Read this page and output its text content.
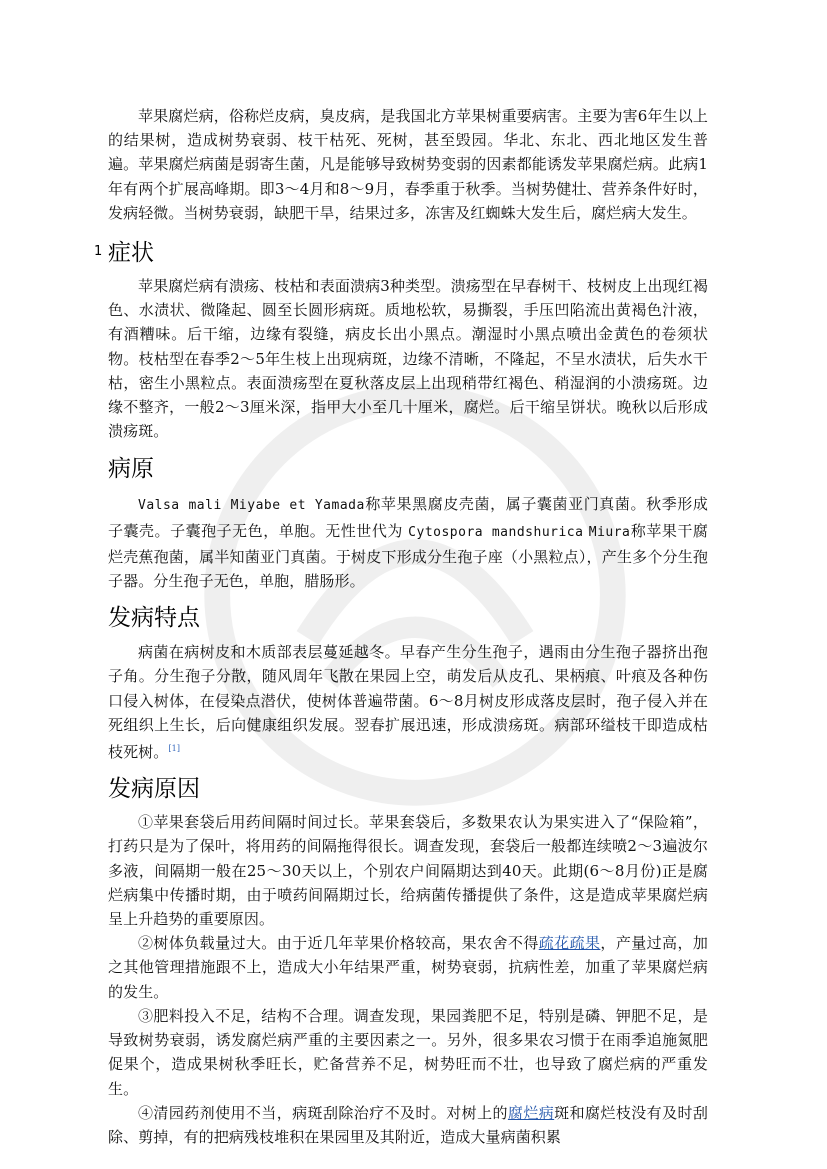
苹果腐烂病，俗称烂皮病，臭皮病，是我国北方苹果树重要病害。主要为害6年生以上的结果树，造成树势衰弱、枝干枯死、死树，甚至毁园。华北、东北、西北地区发生普遍。苹果腐烂病菌是弱寄生菌，凡是能够导致树势变弱的因素都能诱发苹果腐烂病。此病1年有两个扩展高峰期。即3～4月和8～9月，春季重于秋季。当树势健壮、营养条件好时，发病轻微。当树势衰弱，缺肥干旱，结果过多，冻害及红蜘蛛大发生后，腐烂病大发生。

1 症状

苹果腐烂病有溃疡、枝枯和表面溃病3种类型。溃疡型在早春树干、枝树皮上出现红褐色、水渍状、微隆起、圆至长圆形病斑。质地松软，易撕裂，手压凹陷流出黄褐色汁液，有酒糟味。后干缩，边缘有裂缝，病皮长出小黑点。潮湿时小黑点喷出金黄色的卷须状物。枝枯型在春季2～5年生枝上出现病斑，边缘不清晰，不隆起，不呈水渍状，后失水干枯，密生小黑粒点。表面溃疡型在夏秋落皮层上出现稍带红褐色、稍湿润的小溃疡斑。边缘不整齐，一般2～3厘米深，指甲大小至几十厘米，腐烂。后干缩呈饼状。晚秋以后形成溃疡斑。

病原

Valsa mali Miyabe et Yamada称苹果黑腐皮壳菌，属子囊菌亚门真菌。秋季形成子囊壳。子囊孢子无色，单胞。无性世代为 Cytospora mandshurica Miura称苹果干腐烂壳蕉孢菌，属半知菌亚门真菌。于树皮下形成分生孢子座（小黑粒点），产生多个分生孢子器。分生孢子无色，单胞，腊肠形。

发病特点

病菌在病树皮和木质部表层蔓延越冬。早春产生分生孢子，遇雨由分生孢子器挤出孢子角。分生孢子分散，随风周年飞散在果园上空，萌发后从皮孔、果柄痕、叶痕及各种伤口侵入树体，在侵染点潜伏，使树体普遍带菌。6～8月树皮形成落皮层时，孢子侵入并在死组织上生长，后向健康组织发展。翌春扩展迅速，形成溃疡斑。病部环缢枝干即造成枯枝死树。[1]

发病原因

①苹果套袋后用药间隔时间过长。苹果套袋后，多数果农认为果实进入了“保险箱”，打药只是为了保叶，将用药的间隔拖得很长。调查发现，套袋后一般都连续喷2～3遍波尔多液，间隔期一般在25～30天以上，个别农户间隔期达到40天。此期(6～8月份)正是腐烂病集中传播时期，由于喷药间隔期过长，给病菌传播提供了条件，这是造成苹果腐烂病呈上升趋势的重要原因。

②树体负载量过大。由于近几年苹果价格较高，果农舍不得疏花疏果，产量过高，加之其他管理措施跟不上，造成大小年结果严重，树势衰弱，抗病性差，加重了苹果腐烂病的发生。

③肥料投入不足，结构不合理。调查发现，果园粪肥不足，特别是磷、钾肥不足，是导致树势衰弱，诱发腐烂病严重的主要因素之一。另外，很多果农习惯于在雨季追施氮肥促果个，造成果树秋季旺长，贮备营养不足，树势旺而不壮，也导致了腐烂病的严重发生。

④清园药剂使用不当，病斑刮除治疗不及时。对树上的腐烂病斑和腐烂枝没有及时刮除、剪掉，有的把病残枝堆积在果园里及其附近，造成大量病菌积累
